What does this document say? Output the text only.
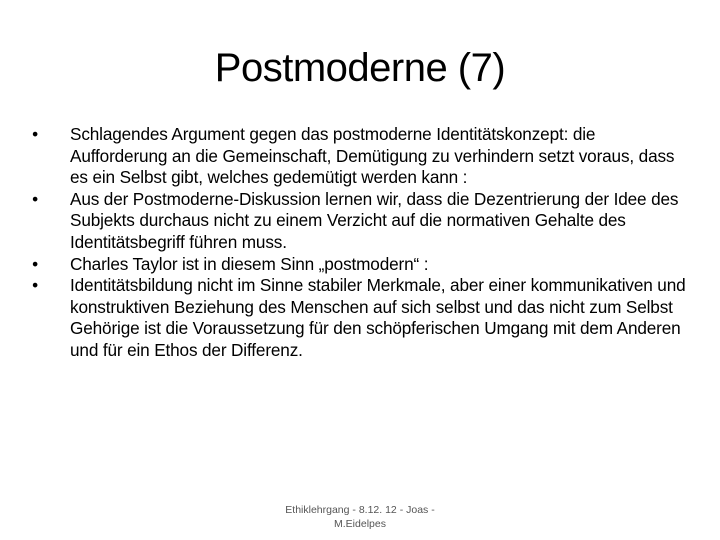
Postmoderne (7)
• Schlagendes Argument gegen das postmoderne Identitätskonzept: die Aufforderung an die Gemeinschaft, Demütigung zu verhindern setzt voraus, dass es ein Selbst gibt, welches gedemütigt werden kann :
• Aus der Postmoderne-Diskussion lernen wir, dass die Dezentrierung der Idee des Subjekts durchaus nicht zu einem Verzicht auf die normativen Gehalte des Identitätsbegriff führen muss.
• Charles Taylor ist in diesem Sinn „postmodern“ :
• Identitätsbildung nicht im Sinne stabiler Merkmale, aber einer kommunikativen und konstruktiven Beziehung des Menschen auf sich selbst und das nicht zum Selbst Gehörige ist die Voraussetzung für den schöpferischen Umgang mit dem Anderen und für ein Ethos der Differenz.
Ethiklehrgang - 8.12. 12 - Joas -
M.Eidelpes
